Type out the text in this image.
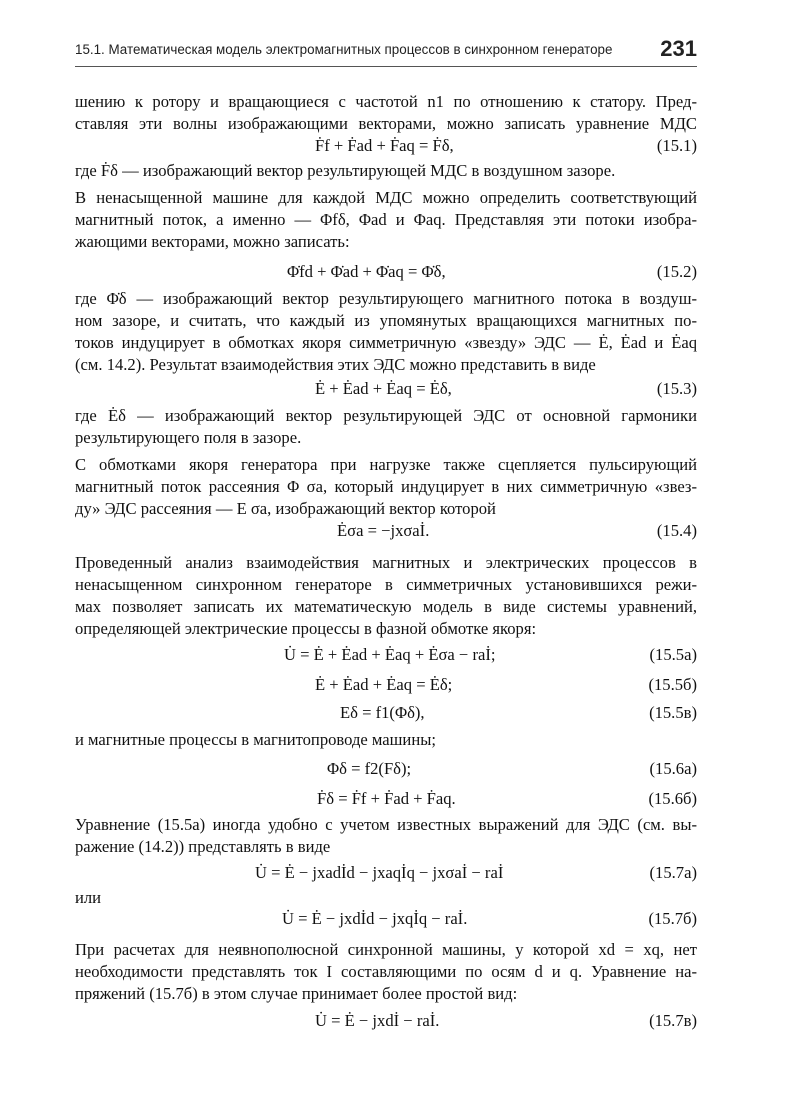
15.1. Математическая модель электромагнитных процессов в синхронном генераторе 231
шению к ротору и вращающиеся с частотой n1 по отношению к статору. Пред-
ставляя эти волны изображающими векторами, можно записать уравнение МДС
Ḟf + Ḟad + Ḟaq = Ḟδ,	(15.1)
где Ḟδ — изображающий вектор результирующей МДС в воздушном зазоре.
В ненасыщенной машине для каждой МДС можно определить соответствующий
магнитный поток, а именно — Φfδ, Φad и Φaq. Представляя эти потоки изобра-
жающими векторами, можно записать:
Φ̇fd + Φ̇ad + Φ̇aq = Φ̇δ,	(15.2)
где Φ̇δ — изображающий вектор результирующего магнитного потока в воздуш-
ном зазоре, и считать, что каждый из упомянутых вращающихся магнитных по-
токов индуцирует в обмотках якоря симметричную «звезду» ЭДС — Ė, Ėad и Ėaq
(см. 14.2). Результат взаимодействия этих ЭДС можно представить в виде
Ė + Ėad + Ėaq = Ėδ,	(15.3)
где Ėδ — изображающий вектор результирующей ЭДС от основной гармоники
результирующего поля в зазоре.
С обмотками якоря генератора при нагрузке также сцепляется пульсирующий
магнитный поток рассеяния Φ σa, который индуцирует в них симметричную «звез-
ду» ЭДС рассеяния — E σa, изображающий вектор которой
Ėσa = −jxσaİ.	(15.4)
Проведенный анализ взаимодействия магнитных и электрических процессов в
ненасыщенном синхронном генераторе в симметричных установившихся режи-
мах позволяет записать их математическую модель в виде системы уравнений,
определяющей электрические процессы в фазной обмотке якоря:
U̇ = Ė + Ėad + Ėaq + Ėσa − raİ;	(15.5а)
Ė + Ėad + Ėaq = Ėδ;	(15.5б)
Eδ = f1(Φδ),	(15.5в)
и магнитные процессы в магнитопроводе машины;
Φδ = f2(Fδ);	(15.6а)
Ḟδ = Ḟf + Ḟad + Ḟaq.	(15.6б)
Уравнение (15.5а) иногда удобно с учетом известных выражений для ЭДС (см. вы-
ражение (14.2)) представлять в виде
U̇ = Ė − jxadİd − jxaqİq − jxσaİ − raİ	(15.7а)
или
U̇ = Ė − jxdİd − jxqİq − raİ.	(15.7б)
При расчетах для неявнополюсной синхронной машины, у которой xd = xq, нет
необходимости представлять ток I составляющими по осям d и q. Уравнение на-
пряжений (15.7б) в этом случае принимает более простой вид:
U̇ = Ė − jxdİ − raİ.	(15.7в)
